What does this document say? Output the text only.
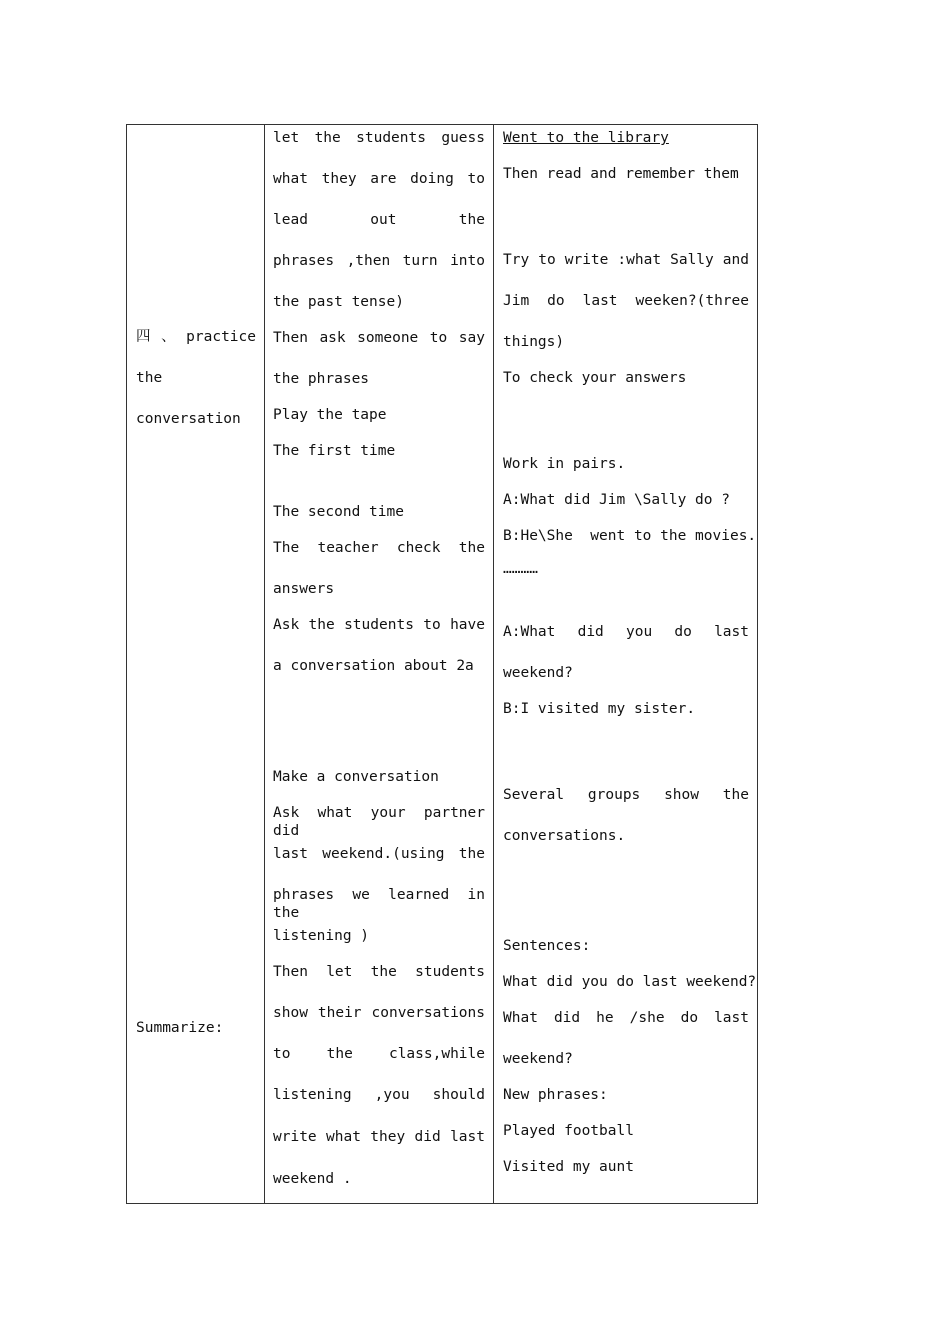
四 、 practice
the
conversation
Summarize:
let the students guess
what they are doing to
lead out the
phrases ,then turn into
the past tense)
Then ask someone to say
the phrases
Play the tape
The first time
The second time
The teacher check the
answers
Ask the students to have
a conversation about 2a
Make a conversation
Ask what your partner did
last weekend.(using the
phrases we learned in the
listening )
Then let the students
show their conversations
to the class,while
listening ,you should
write what they did last
weekend .
Went to the library
Then read and remember them
Try to write :what Sally and
Jim do last weeken?(three
things)
To check your answers
Work in pairs.
A:What did Jim \Sally do ?
B:He\She  went to the movies.
…………
A:What did you do last
weekend?
B:I visited my sister.
Several groups show the
conversations.
Sentences:
What did you do last weekend?
What did he /she do last
weekend?
New phrases:
Played football
Visited my aunt
